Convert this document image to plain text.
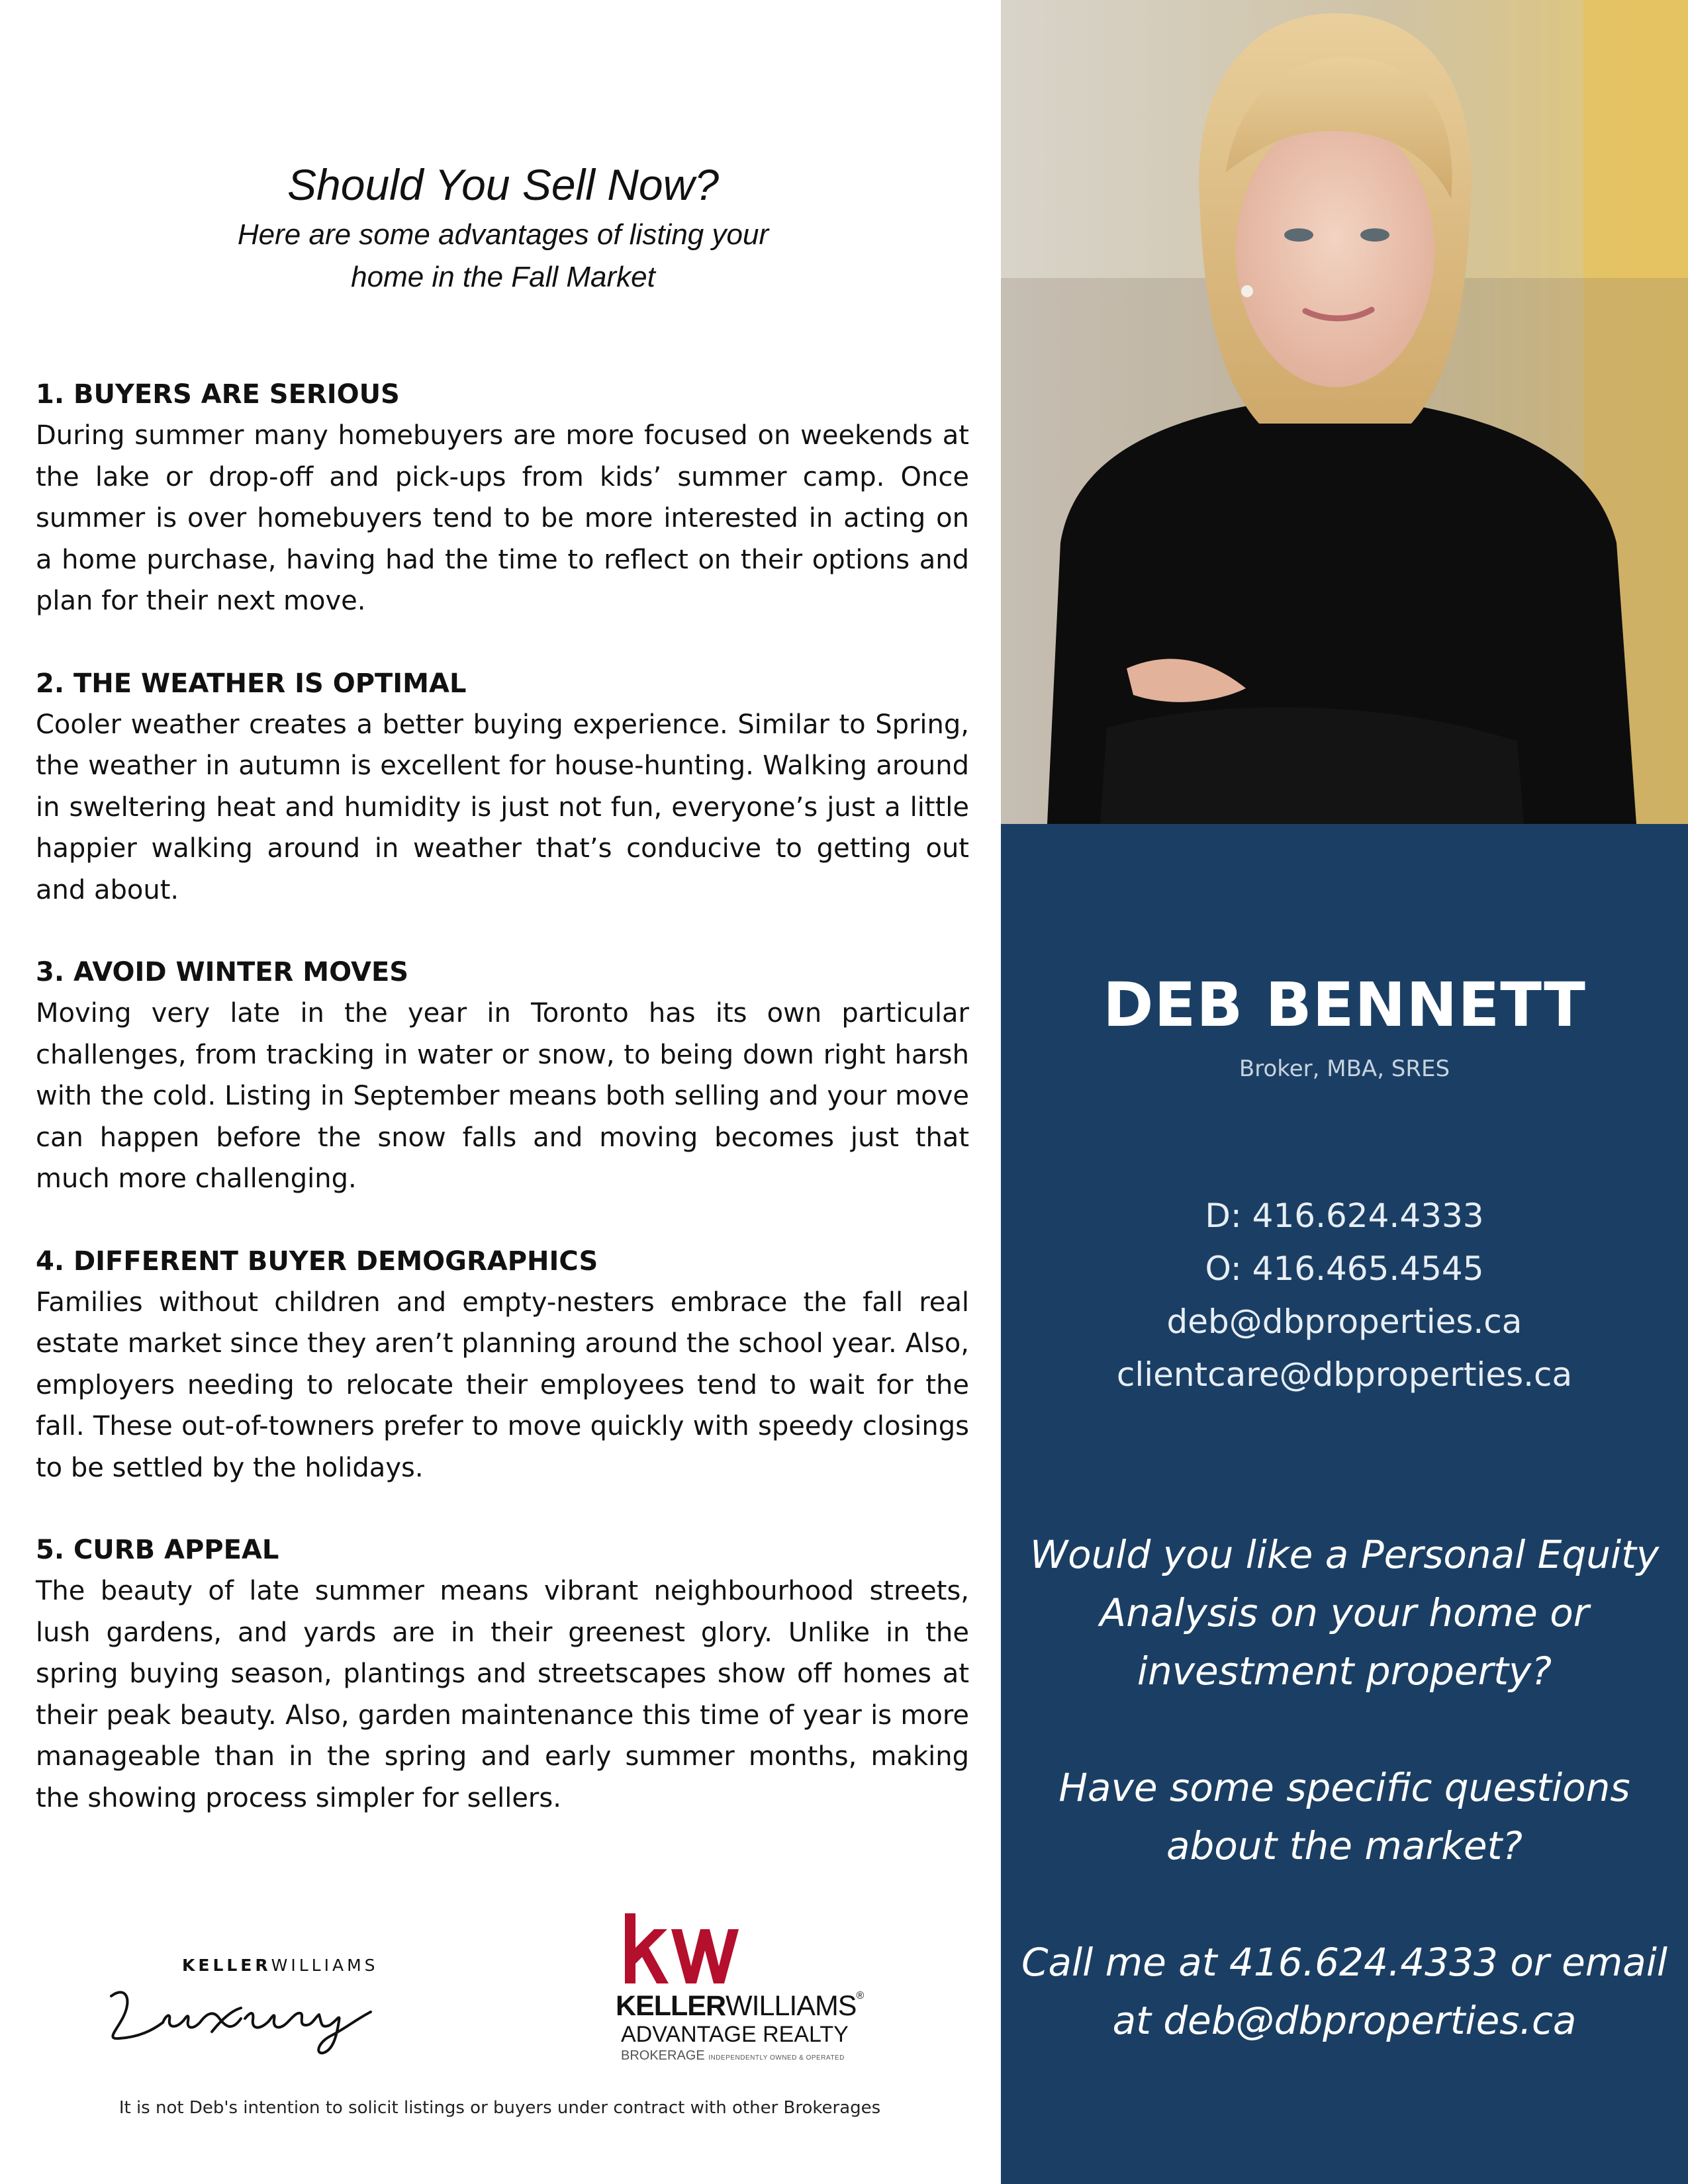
Should You Sell Now?
Here are some advantages of listing your
home in the Fall Market
1. BUYERS ARE SERIOUS
During summer many homebuyers are more focused on weekends at the lake or drop-off and pick-ups from kids’ summer camp. Once summer is over homebuyers tend to be more interested in acting on a home purchase, having had the time to reflect on their options and plan for their next move.
2. THE WEATHER IS OPTIMAL
Cooler weather creates a better buying experience. Similar to Spring, the weather in autumn is excellent for house-hunting. Walking around in sweltering heat and humidity is just not fun, everyone’s just a little happier walking around in weather that’s conducive to getting out and about.
3. AVOID WINTER MOVES
Moving very late in the year in Toronto has its own particular challenges, from tracking in water or snow, to being down right harsh with the cold. Listing in September means both selling and your move can happen before the snow falls and moving becomes just that much more challenging.
4. DIFFERENT BUYER DEMOGRAPHICS
Families without children and empty-nesters embrace the fall real estate market since they aren’t planning around the school year. Also, employers needing to relocate their employees tend to wait for the fall. These out-of-towners prefer to move quickly with speedy closings to be settled by the holidays.
5. CURB APPEAL
The beauty of late summer means vibrant neighbourhood streets, lush gardens, and yards are in their greenest glory. Unlike in the spring buying season, plantings and streetscapes show off homes at their peak beauty. Also, garden maintenance this time of year is more manageable than in the spring and early summer months, making the showing process simpler for sellers.
KELLERWILLIAMS
KELLERWILLIAMS®
ADVANTAGE REALTY
BROKERAGE INDEPENDENTLY OWNED & OPERATED
It is not Deb's intention to solicit listings or buyers under contract with other Brokerages
DEB BENNETT
Broker, MBA, SRES
D: 416.624.4333
O: 416.465.4545
deb@dbproperties.ca
clientcare@dbproperties.ca

Would you like a Personal Equity Analysis on your home or investment property?

Have some specific questions about the market?

Call me at 416.624.4333 or email at deb@dbproperties.ca
